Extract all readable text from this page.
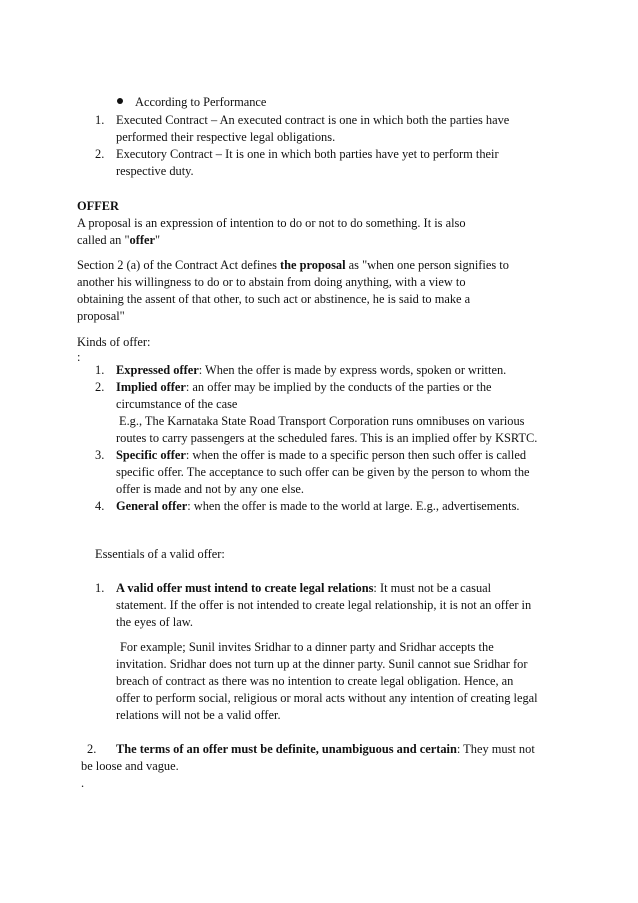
According to Performance
1. Executed Contract – An executed contract is one in which both the parties have
performed their respective legal obligations.
2. Executory Contract – It is one in which both parties have yet to perform their
respective duty.
OFFER
A proposal is an expression of intention to do or not to do something. It is also
called an "offer"
Section 2 (a) of the Contract Act defines the proposal as "when one person signifies to
another his willingness to do or to abstain from doing anything, with a view to
obtaining the assent of that other, to such act or abstinence, he is said to make a
proposal"
Kinds of offer:
:
1. Expressed offer: When the offer is made by express words, spoken or written.
2. Implied offer: an offer may be implied by the conducts of the parties or the
circumstance of the case
E.g., The Karnataka State Road Transport Corporation runs omnibuses on various
routes to carry passengers at the scheduled fares. This is an implied offer by KSRTC.
3. Specific offer: when the offer is made to a specific person then such offer is called
specific offer. The acceptance to such offer can be given by the person to whom the
offer is made and not by any one else.
4. General offer: when the offer is made to the world at large. E.g., advertisements.
Essentials of a valid offer:
1. A valid offer must intend to create legal relations: It must not be a casual
statement. If the offer is not intended to create legal relationship, it is not an offer in
the eyes of law.
For example; Sunil invites Sridhar to a dinner party and Sridhar accepts the
invitation. Sridhar does not turn up at the dinner party. Sunil cannot sue Sridhar for
breach of contract as there was no intention to create legal obligation. Hence, an
offer to perform social, religious or moral acts without any intention of creating legal
relations will not be a valid offer.
2. The terms of an offer must be definite, unambiguous and certain: They must not
be loose and vague.
.
